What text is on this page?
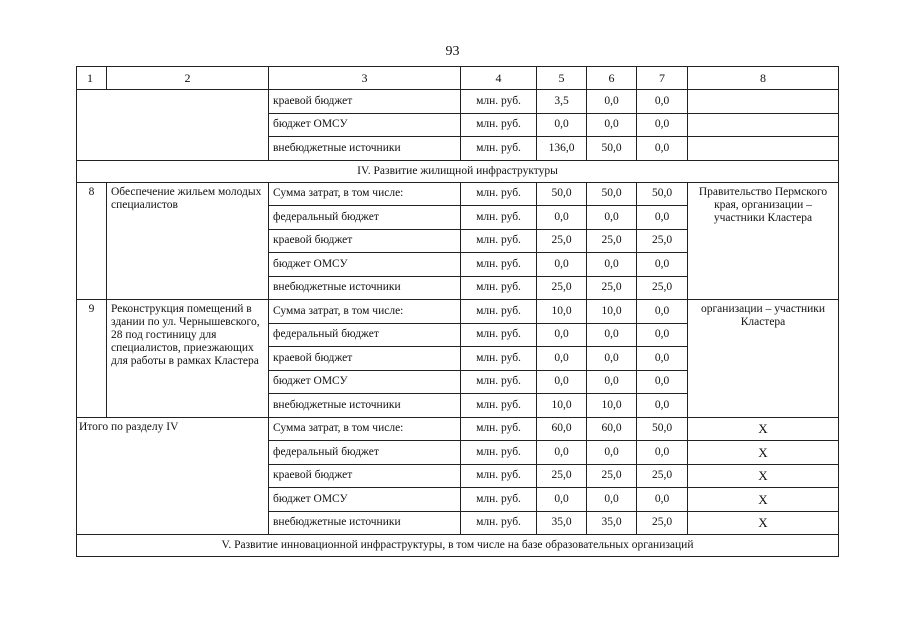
93
1	2	3	4	5	6	7	8
		краевой бюджет	млн. руб.	3,5	0,0	0,0	
		бюджет ОМСУ	млн. руб.	0,0	0,0	0,0	
		внебюджетные источники	млн. руб.	136,0	50,0	0,0	
IV. Развитие жилищной инфраструктуры							
8	Обеспечение жильем молодых специалистов	Сумма затрат, в том числе:	млн. руб.	50,0	50,0	50,0	Правительство Пермского края, организации – участники Кластера
		федеральный бюджет	млн. руб.	0,0	0,0	0,0	
		краевой бюджет	млн. руб.	25,0	25,0	25,0	
		бюджет ОМСУ	млн. руб.	0,0	0,0	0,0	
		внебюджетные источники	млн. руб.	25,0	25,0	25,0	
9	Реконструкция помещений в здании по ул. Чернышевского, 28 под гостиницу для специалистов, приезжающих для работы в рамках Кластера	Сумма затрат, в том числе:	млн. руб.	10,0	10,0	0,0	организации – участники Кластера
		федеральный бюджет	млн. руб.	0,0	0,0	0,0	
		краевой бюджет	млн. руб.	0,0	0,0	0,0	
		бюджет ОМСУ	млн. руб.	0,0	0,0	0,0	
		внебюджетные источники	млн. руб.	10,0	10,0	0,0	
Итого по разделу IV		Сумма затрат, в том числе:	млн. руб.	60,0	60,0	50,0	Х
		федеральный бюджет	млн. руб.	0,0	0,0	0,0	Х
		краевой бюджет	млн. руб.	25,0	25,0	25,0	Х
		бюджет ОМСУ	млн. руб.	0,0	0,0	0,0	Х
		внебюджетные источники	млн. руб.	35,0	35,0	25,0	Х
V. Развитие инновационной инфраструктуры, в том числе на базе образовательных организаций							
